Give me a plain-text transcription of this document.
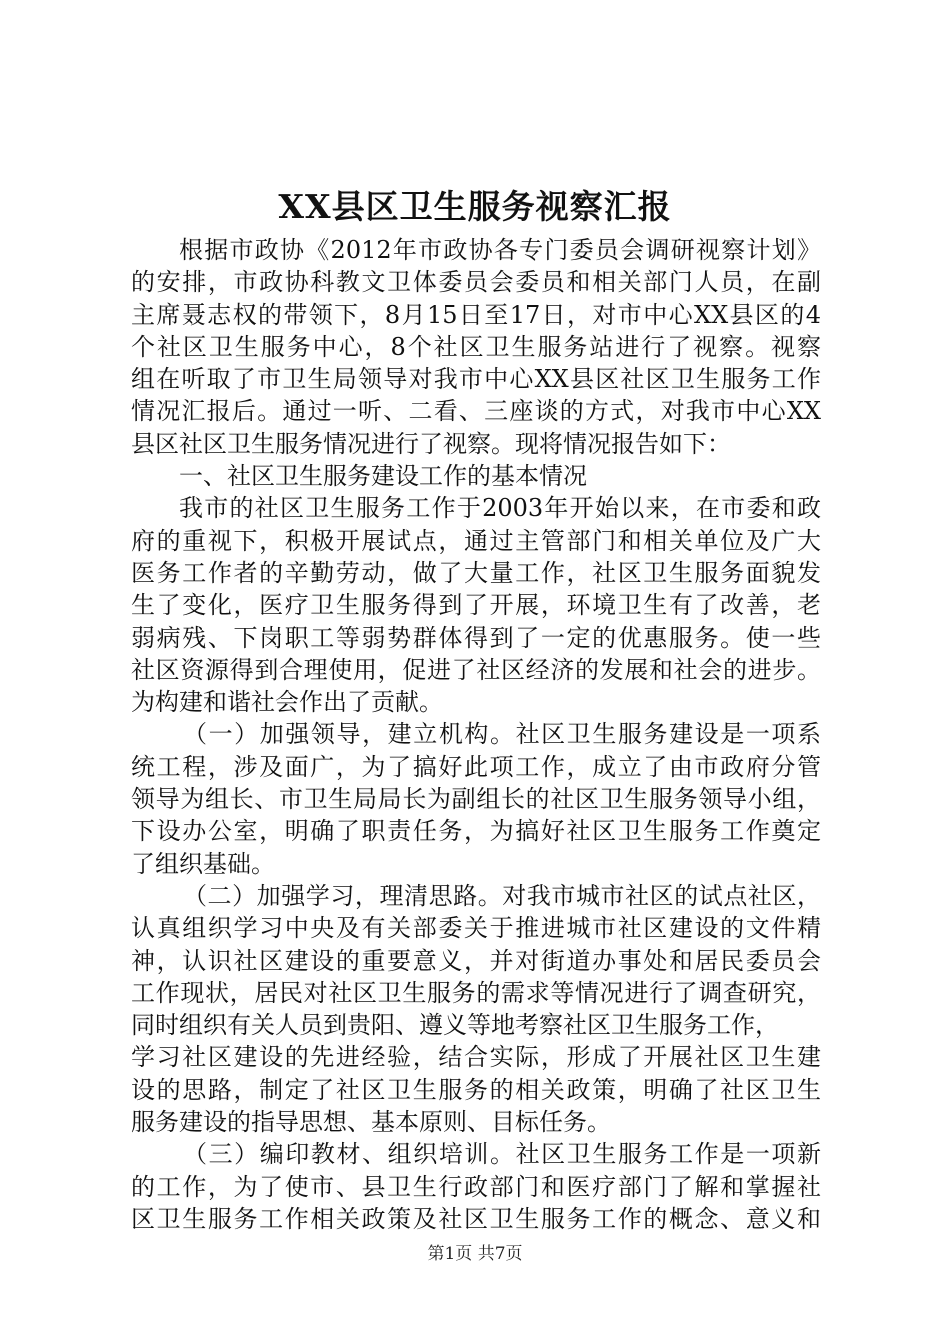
XX县区卫生服务视察汇报
根据市政协《2012年市政协各专门委员会调研视察计划》
的安排，市政协科教文卫体委员会委员和相关部门人员，在副
主席聂志权的带领下，8月15日至17日，对市中心XX县区的4
个社区卫生服务中心，8个社区卫生服务站进行了视察。视察
组在听取了市卫生局领导对我市中心XX县区社区卫生服务工作
情况汇报后。通过一听、二看、三座谈的方式，对我市中心XX
县区社区卫生服务情况进行了视察。现将情况报告如下：
一、社区卫生服务建设工作的基本情况
我市的社区卫生服务工作于2003年开始以来，在市委和政
府的重视下，积极开展试点，通过主管部门和相关单位及广大
医务工作者的辛勤劳动，做了大量工作，社区卫生服务面貌发
生了变化，医疗卫生服务得到了开展，环境卫生有了改善，老
弱病残、下岗职工等弱势群体得到了一定的优惠服务。使一些
社区资源得到合理使用，促进了社区经济的发展和社会的进步。
为构建和谐社会作出了贡献。
（一）加强领导，建立机构。社区卫生服务建设是一项系
统工程，涉及面广，为了搞好此项工作，成立了由市政府分管
领导为组长、市卫生局局长为副组长的社区卫生服务领导小组，
下设办公室，明确了职责任务，为搞好社区卫生服务工作奠定
了组织基础。
（二）加强学习，理清思路。对我市城市社区的试点社区，
认真组织学习中央及有关部委关于推进城市社区建设的文件精
神，认识社区建设的重要意义，并对街道办事处和居民委员会
工作现状，居民对社区卫生服务的需求等情况进行了调查研究，
同时组织有关人员到贵阳、遵义等地考察社区卫生服务工作，
学习社区建设的先进经验，结合实际，形成了开展社区卫生建
设的思路，制定了社区卫生服务的相关政策，明确了社区卫生
服务建设的指导思想、基本原则、目标任务。
（三）编印教材、组织培训。社区卫生服务工作是一项新
的工作，为了使市、县卫生行政部门和医疗部门了解和掌握社
区卫生服务工作相关政策及社区卫生服务工作的概念、意义和
第1页 共7页
